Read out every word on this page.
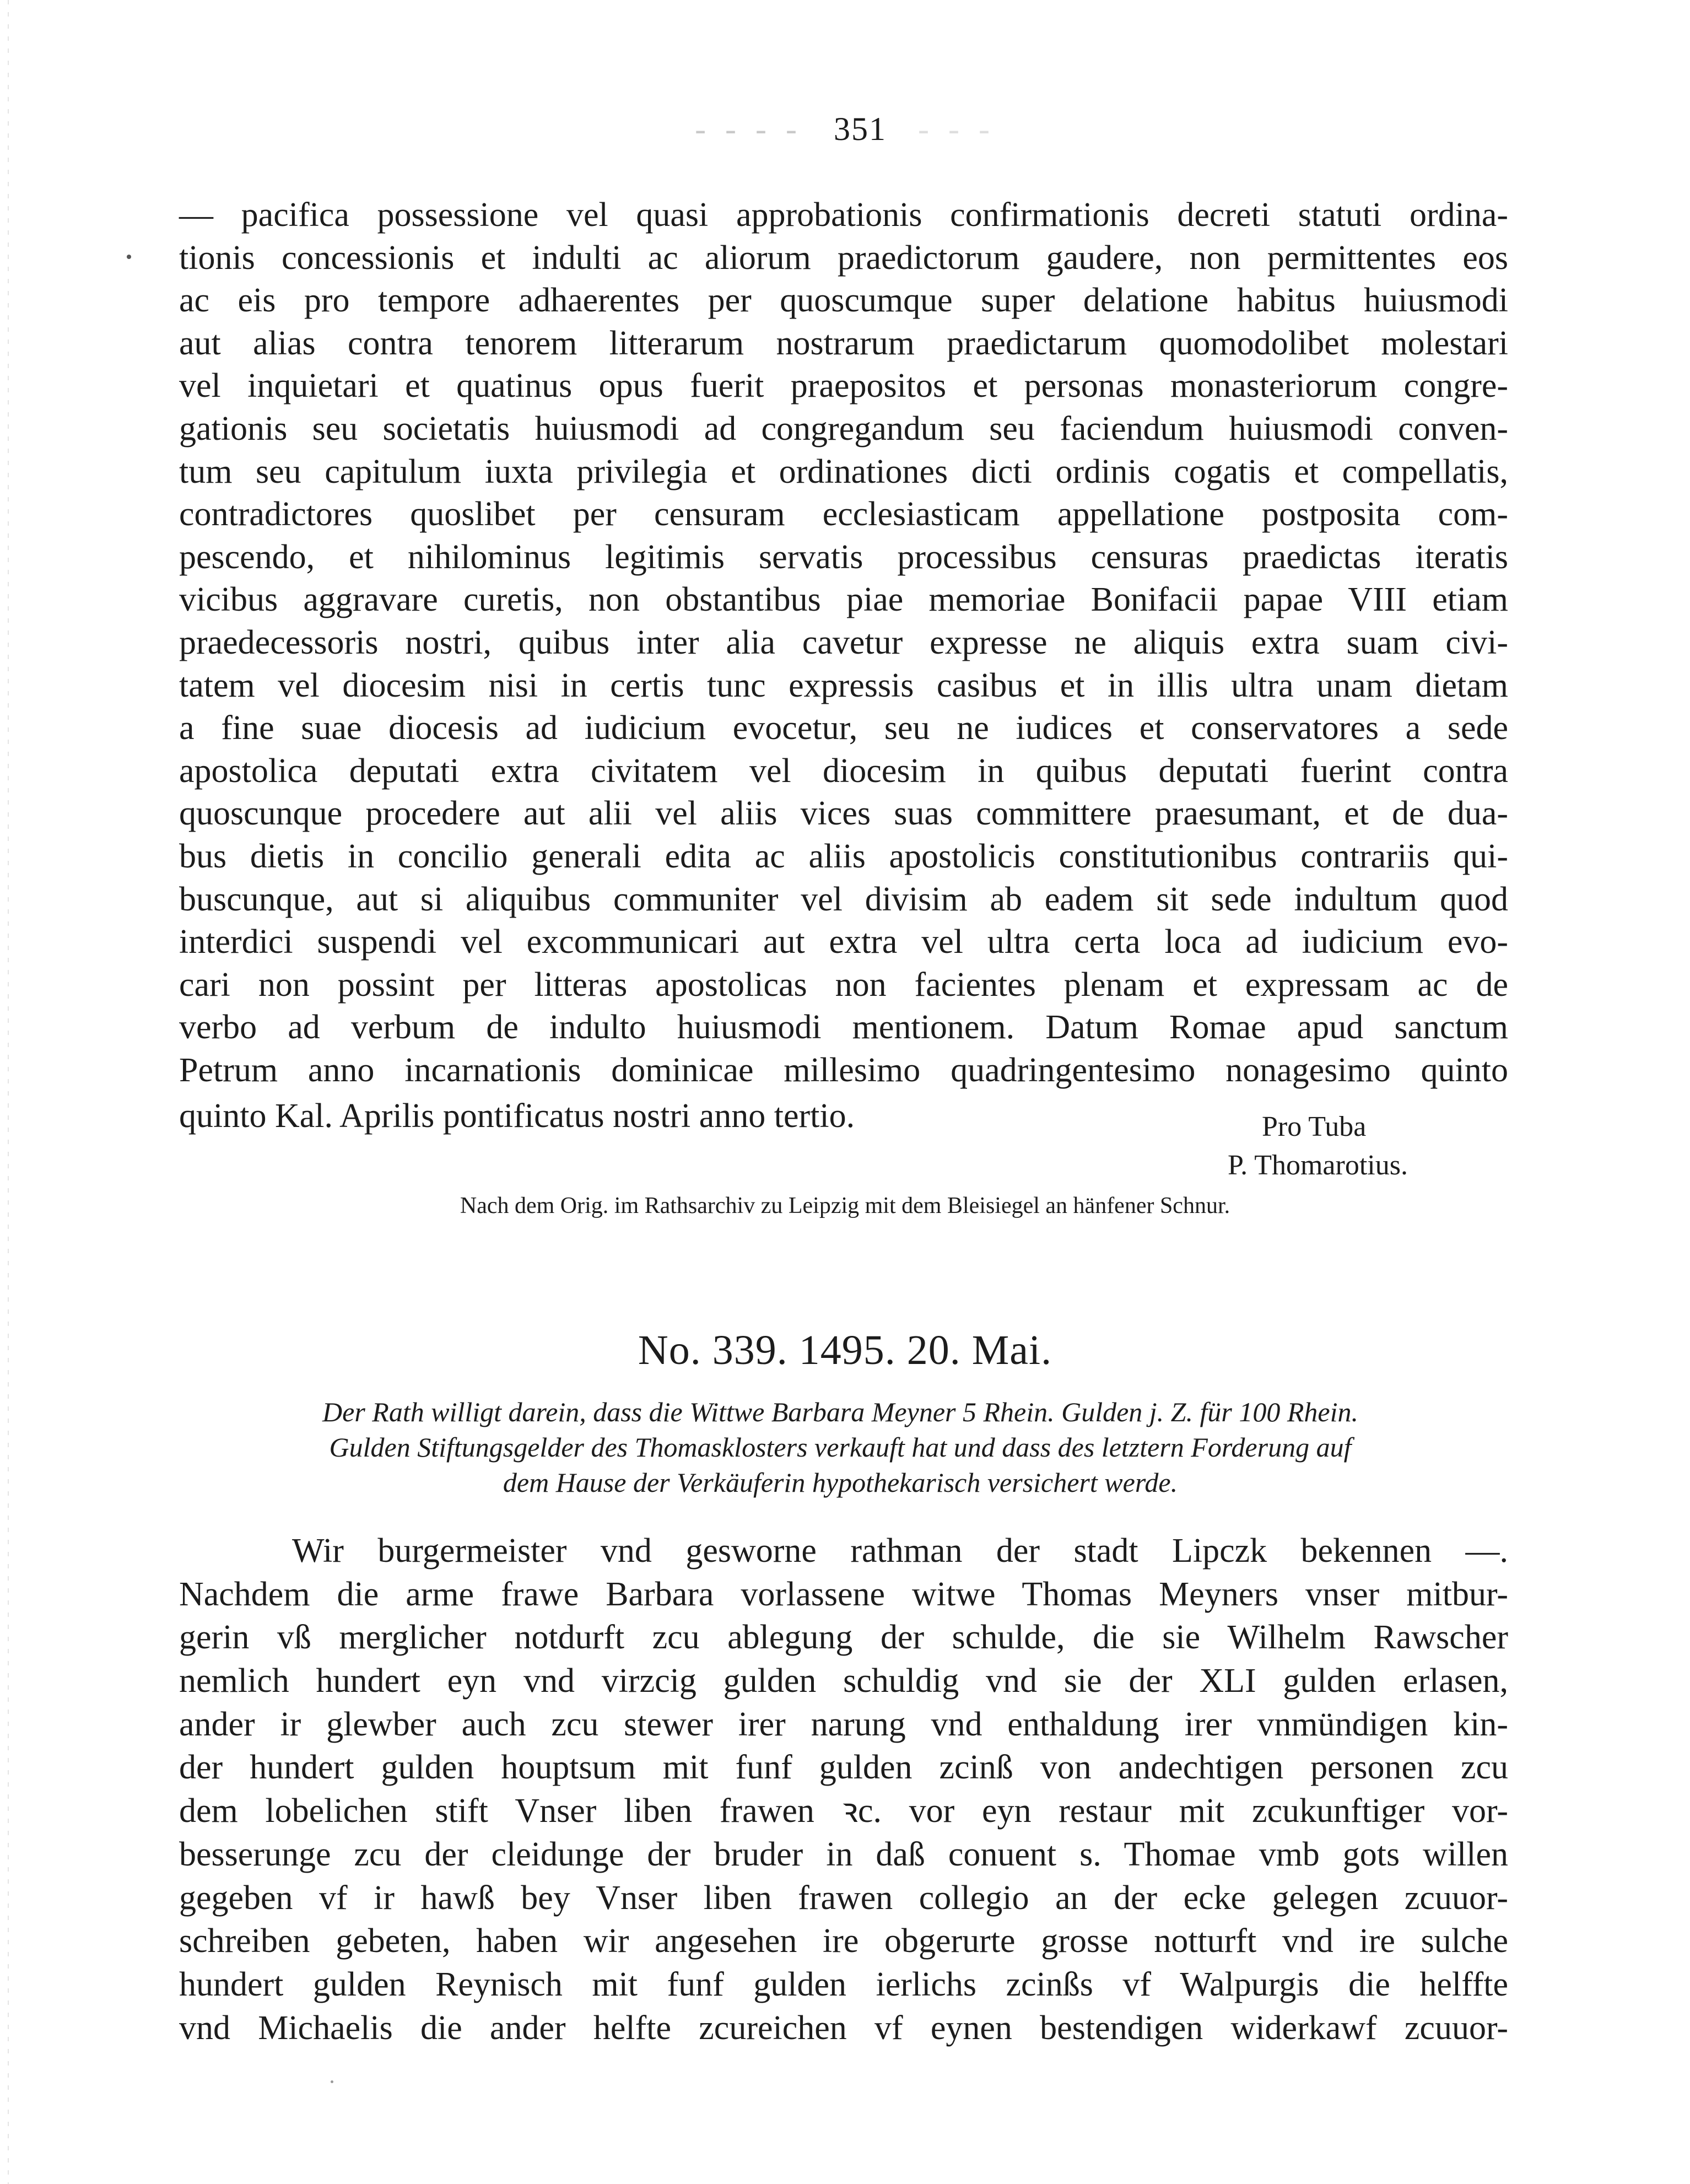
- - - - 351 - - -
— pacifica possessione vel quasi approbationis confirmationis decreti statuti ordina-
tionis concessionis et indulti ac aliorum praedictorum gaudere, non permittentes eos
ac eis pro tempore adhaerentes per quoscumque super delatione habitus huiusmodi
aut alias contra tenorem litterarum nostrarum praedictarum quomodolibet molestari
vel inquietari et quatinus opus fuerit praepositos et personas monasteriorum congre-
gationis seu societatis huiusmodi ad congregandum seu faciendum huiusmodi conven-
tum seu capitulum iuxta privilegia et ordinationes dicti ordinis cogatis et compellatis,
contradictores quoslibet per censuram ecclesiasticam appellatione postposita com-
pescendo, et nihilominus legitimis servatis processibus censuras praedictas iteratis
vicibus aggravare curetis, non obstantibus piae memoriae Bonifacii papae VIII etiam
praedecessoris nostri, quibus inter alia cavetur expresse ne aliquis extra suam civi-
tatem vel diocesim nisi in certis tunc expressis casibus et in illis ultra unam dietam
a fine suae diocesis ad iudicium evocetur, seu ne iudices et conservatores a sede
apostolica deputati extra civitatem vel diocesim in quibus deputati fuerint contra
quoscunque procedere aut alii vel aliis vices suas committere praesumant, et de dua-
bus dietis in concilio generali edita ac aliis apostolicis constitutionibus contrariis qui-
buscunque, aut si aliquibus communiter vel divisim ab eadem sit sede indultum quod
interdici suspendi vel excommunicari aut extra vel ultra certa loca ad iudicium evo-
cari non possint per litteras apostolicas non facientes plenam et expressam ac de
verbo ad verbum de indulto huiusmodi mentionem. Datum Romae apud sanctum
Petrum anno incarnationis dominicae millesimo quadringentesimo nonagesimo quinto
quinto Kal. Aprilis pontificatus nostri anno tertio.	Pro Tuba
P. Thomarotius.
Nach dem Orig. im Rathsarchiv zu Leipzig mit dem Bleisiegel an hänfener Schnur.
No. 339. 1495. 20. Mai.
Der Rath willigt darein, dass die Wittwe Barbara Meyner 5 Rhein. Gulden j. Z. für 100 Rhein.
Gulden Stiftungsgelder des Thomasklosters verkauft hat und dass des letztern Forderung auf
dem Hause der Verkäuferin hypothekarisch versichert werde.
Wir burgermeister vnd gesworne rathman der stadt Lipczk bekennen —.
Nachdem die arme frawe Barbara vorlassene witwe Thomas Meyners vnser mitbur-
gerin vß merglicher notdurft zcu ablegung der schulde, die sie Wilhelm Rawscher
nemlich hundert eyn vnd virzcig gulden schuldig vnd sie der XLI gulden erlasen,
ander ir glewber auch zcu stewer irer narung vnd enthaldung irer vnmündigen kin-
der hundert gulden houptsum mit funf gulden zcinß von andechtigen personen zcu
dem lobelichen stift Vnser liben frawen ꝛc. vor eyn restaur mit zcukunftiger vor-
besserunge zcu der cleidunge der bruder in daß conuent s. Thomae vmb gots willen
gegeben vf ir hawß bey Vnser liben frawen collegio an der ecke gelegen zcuuor-
schreiben gebeten, haben wir angesehen ire obgerurte grosse notturft vnd ire sulche
hundert gulden Reynisch mit funf gulden ierlichs zcinßs vf Walpurgis die helffte
vnd Michaelis die ander helfte zcureichen vf eynen bestendigen widerkawf zcuuor-
